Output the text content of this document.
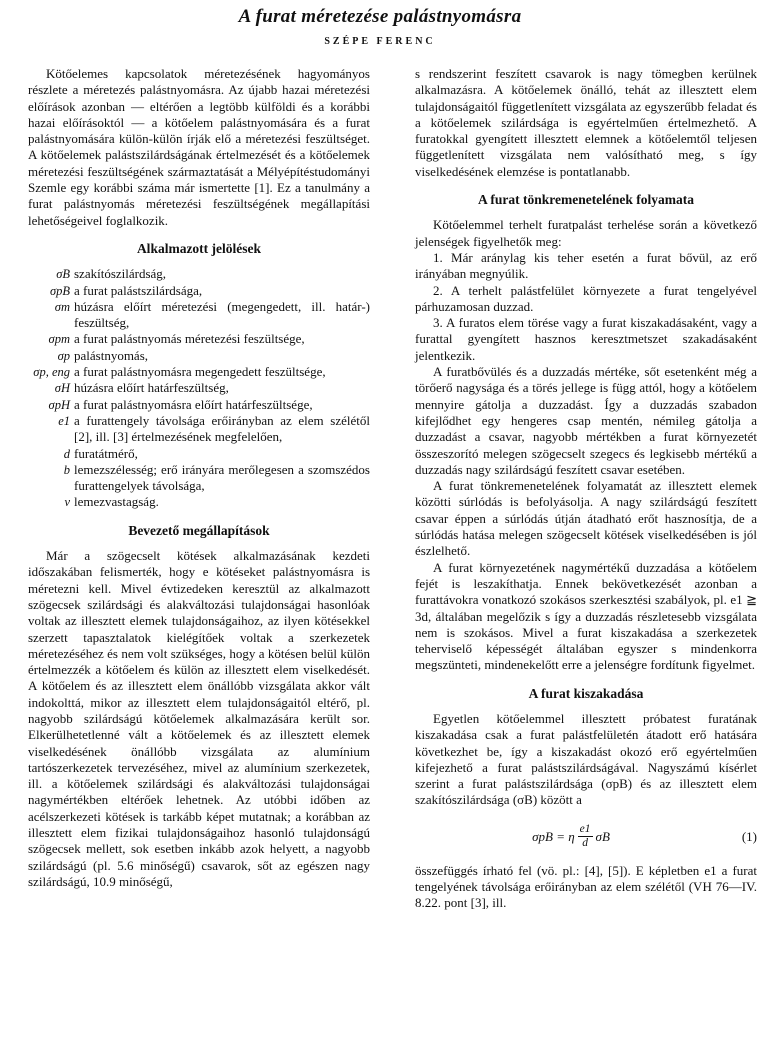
A furat méretezése palástnyomásra
SZÉPE FERENC

Kötőelemes kapcsolatok méretezésének hagyományos részlete a méretezés palástnyomásra. Az újabb hazai méretezési előírások azonban — eltérően a legtöbb külföldi és a korábbi hazai előírásoktól — a kötőelem palástnyomására és a furat palástnyomására külön-külön írják elő a méretezési feszültséget. A kötőelemek palástszilárdságának értelmezését és a kötőelemek méretezési feszültségének származtatását a Mélyépítéstudományi Szemle egy korábbi száma már ismertette [1]. Ez a tanulmány a furat palástnyomás méretezési feszültségének megállapítási lehetőségeivel foglalkozik.

Alkalmazott jelölések
σB szakítószilárdság,
σpB a furat palástszilárdsága,
σm húzásra előírt méretezési (megengedett, ill. határ-) feszültség,
σpm a furat palástnyomás méretezési feszültsége,
σp palástnyomás,
σp, eng a furat palástnyomásra megengedett feszültsége,
σH húzásra előírt határfeszültség,
σpH a furat palástnyomásra előírt határfeszültsége,
e1 a furattengely távolsága erőirányban az elem szélétől [2], ill. [3] értelmezésének megfelelően,
d furatátmérő,
b lemezszélesség; erő irányára merőlegesen a szomszédos furattengelyek távolsága,
v lemezvastagság.
Bevezető megállapítások

Már a szögecselt kötések alkalmazásának kezdeti időszakában felismerték, hogy e kötéseket palástnyomásra is méretezni kell. Mivel évtizedeken keresztül az alkalmazott szögecsek szilárdsági és alakváltozási tulajdonságai hasonlóak voltak az illesztett elemek tulajdonságaihoz, az ilyen kötésekkel szerzett tapasztalatok kielégítőek voltak a szerkezetek méretezéséhez és nem volt szükséges, hogy a kötésen belül külön értelmezzék a kötőelem és külön az illesztett elem viselkedését. A kötőelem és az illesztett elem önállóbb vizsgálata akkor vált indokolttá, mikor az illesztett elem tulajdonságaitól eltérő, pl. nagyobb szilárdságú kötőelemek alkalmazására került sor. Elkerülhetetlenné vált a kötőelemek és az illesztett elemek viselkedésének önállóbb vizsgálata az alumínium tartószerkezetek tervezéséhez, mivel az alumínium szerkezetek, ill. a kötőelemek szilárdsági és alakváltozási tulajdonságai nagymértékben eltérőek lehetnek. Az utóbbi időben az acélszerkezeti kötések is tarkább képet mutatnak; a korábban az illesztett elem fizikai tulajdonságaihoz hasonló tulajdonságú szögecsek mellett, sok esetben inkább azok helyett, a nagyobb szilárdságú (pl. 5.6 minőségű) csavarok, sőt az egészen nagy szilárdságú, 10.9 minőségű,

s rendszerint feszített csavarok is nagy tömegben kerülnek alkalmazásra. A kötőelemek önálló, tehát az illesztett elem tulajdonságaitól függetlenített vizsgálata az egyszerűbb feladat és a kötőelemek szilárdsága is egyértelműen értelmezhető. A furatokkal gyengített illesztett elemnek a kötőelemtől teljesen függetlenített vizsgálata nem valósítható meg, s így viselkedésének elemzése is pontatlanabb.

A furat tönkremenetelének folyamata

Kötőelemmel terhelt furatpalást terhelése során a következő jelenségek figyelhetők meg:

1. Már aránylag kis teher esetén a furat bővül, az erő irányában megnyúlik.

2. A terhelt palástfelület környezete a furat tengelyével párhuzamosan duzzad.

3. A furatos elem törése vagy a furat kiszakadásaként, vagy a furattal gyengített hasznos keresztmetszet szakadásaként jelentkezik.

A furatbővülés és a duzzadás mértéke, sőt esetenként még a törőerő nagysága és a törés jellege is függ attól, hogy a kötőelem mennyire gátolja a duzzadást. Így a duzzadás szabadon kifejlődhet egy hengeres csap mentén, némileg gátolja a duzzadást a csavar, nagyobb mértékben a furat környezetét összeszorító melegen szögecselt szegecs és legkisebb mértékű a duzzadás nagy szilárdságú feszített csavar esetében.

A furat tönkremenetelének folyamatát az illesztett elemek közötti súrlódás is befolyásolja. A nagy szilárdságú feszített csavar éppen a súrlódás útján átadható erőt hasznosítja, de a súrlódás hatása melegen szögecselt kötések viselkedésében is jól észlelhető.

A furat környezetének nagymértékű duzzadása a kötőelem fejét is leszakíthatja. Ennek bekövetkezését azonban a furattávokra vonatkozó szokásos szerkesztési szabályok, pl. e1 ≧ 3d, általában megelőzik s így a duzzadás részletesebb vizsgálata nem is szokásos. Mivel a furat kiszakadása a szerkezetek teherviselő képességét általában egyszer s mindenkorra megszünteti, mindenekelőtt erre a jelenségre fordítunk figyelmet.

A furat kiszakadása

Egyetlen kötőelemmel illesztett próbatest furatának kiszakadása csak a furat palástfelületén átadott erő hatására következhet be, így a kiszakadást okozó erő egyértelműen kifejezhető a furat palástszilárdságával. Nagyszámú kísérlet szerint a furat palástszilárdsága (σpB) és az illesztett elem szakítószilárdsága (σB) között a

σpB = η $\frac{e1}{d}$ σB	(1)

összefüggés írható fel (vö. pl.: [4], [5]). E képletben e1 a furat tengelyének távolsága erőirányban az elem szélétől (VH 76—IV. 8.22. pont [3], ill.
